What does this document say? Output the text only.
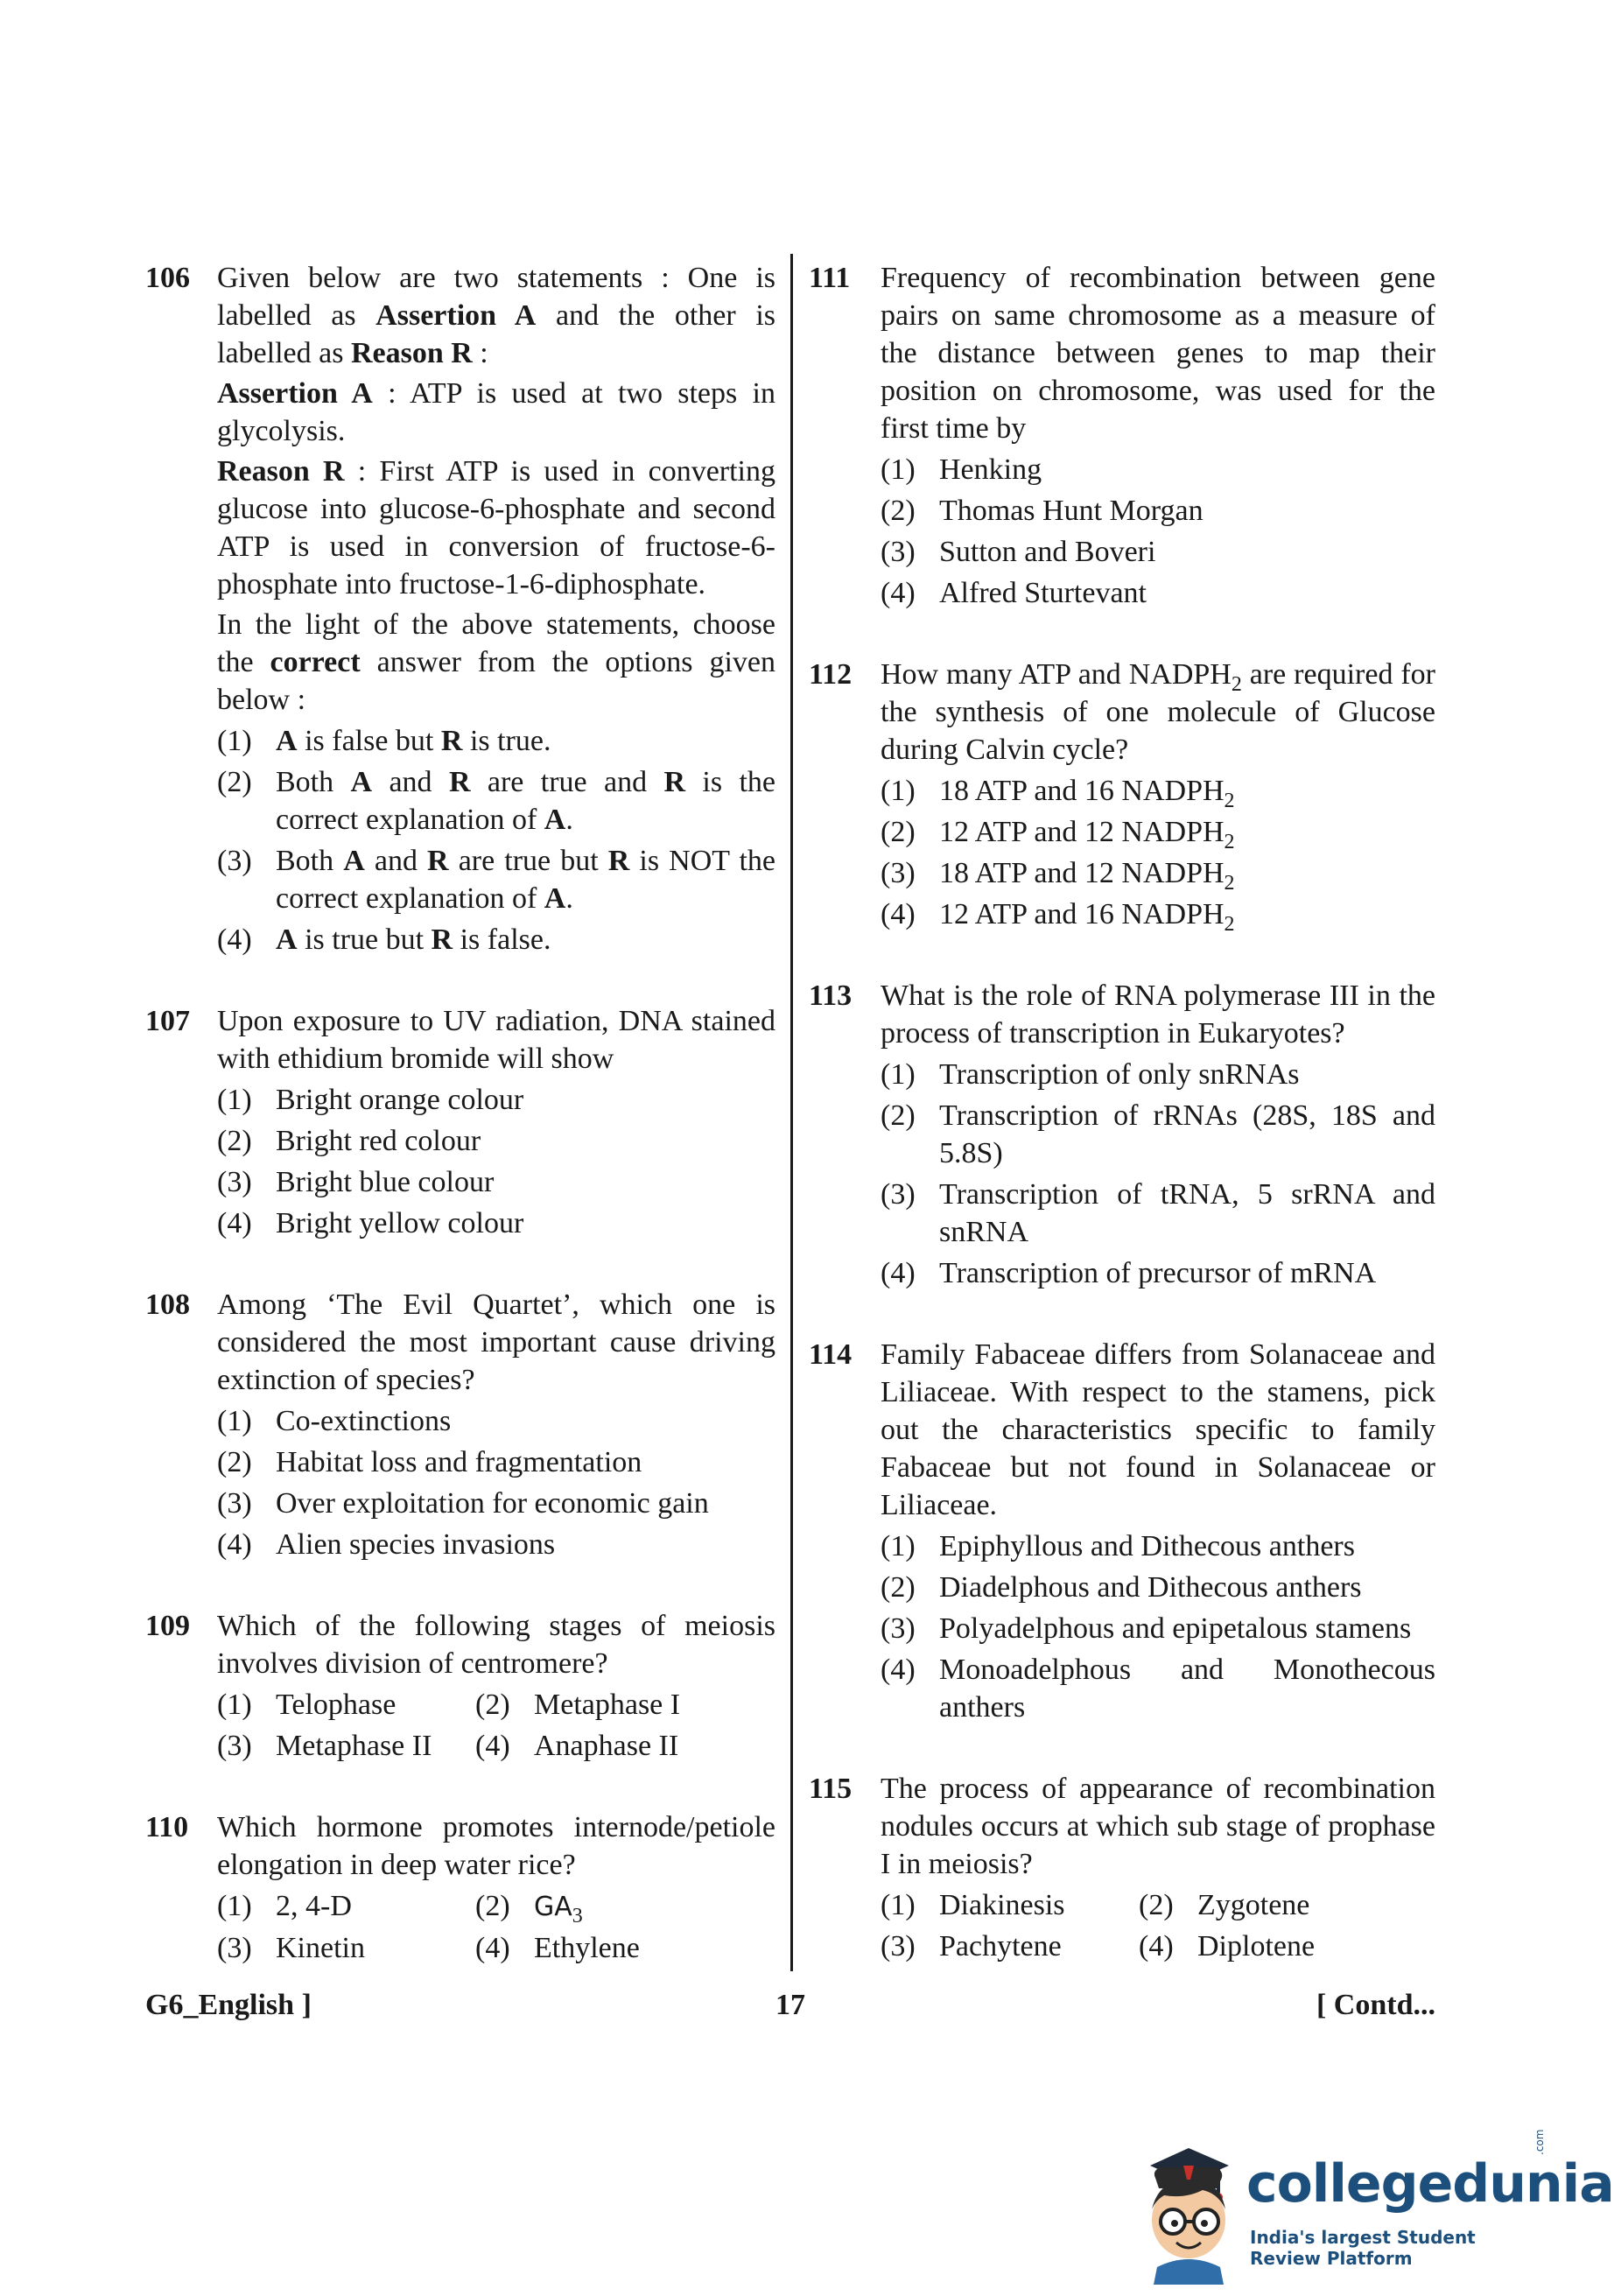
106 Given below are two statements : One is labelled as Assertion A and the other is labelled as Reason R :
Assertion A : ATP is used at two steps in glycolysis.
Reason R : First ATP is used in converting glucose into glucose-6-phosphate and second ATP is used in conversion of fructose-6-phosphate into fructose-1-6-diphosphate.
In the light of the above statements, choose the correct answer from the options given below :
(1) A is false but R is true.
(2) Both A and R are true and R is the correct explanation of A.
(3) Both A and R are true but R is NOT the correct explanation of A.
(4) A is true but R is false.
107 Upon exposure to UV radiation, DNA stained with ethidium bromide will show
(1) Bright orange colour
(2) Bright red colour
(3) Bright blue colour
(4) Bright yellow colour
108 Among ‘The Evil Quartet’, which one is considered the most important cause driving extinction of species?
(1) Co-extinctions
(2) Habitat loss and fragmentation
(3) Over exploitation for economic gain
(4) Alien species invasions
109 Which of the following stages of meiosis involves division of centromere?
(1) Telophase	(2) Metaphase I
(3) Metaphase II	(4) Anaphase II
110 Which hormone promotes internode/petiole elongation in deep water rice?
(1) 2, 4-D	(2) $GA_3$
(3) Kinetin	(4) Ethylene
111	Frequency of recombination between gene pairs on same chromosome as a measure of the distance between genes to map their position on chromosome, was used for the first time by
(1) Henking
(2) Thomas Hunt Morgan
(3) Sutton and Boveri
(4) Alfred Sturtevant
112 How many ATP and $NADPH_2$ are required for the synthesis of one molecule of Glucose during Calvin cycle?
(1) 18 ATP and 16 $NADPH_2$
(2) 12 ATP and 12 $NADPH_2$
(3) 18 ATP and 12 $NADPH_2$
(4) 12 ATP and 16 $NADPH_2$
113 What is the role of RNA polymerase III in the process of transcription in Eukaryotes?
(1) Transcription of only snRNAs
(2) Transcription of rRNAs (28S, 18S and 5.8S)
(3) Transcription of tRNA, 5 srRNA and snRNA
(4) Transcription of precursor of mRNA
114 Family Fabaceae differs from Solanaceae and Liliaceae. With respect to the stamens, pick out the characteristics specific to family Fabaceae but not found in Solanaceae or Liliaceae.
(1) Epiphyllous and Dithecous anthers
(2) Diadelphous and Dithecous anthers
(3) Polyadelphous and epipetalous stamens
(4) Monoadelphous and Monothecous anthers
115 The process of appearance of recombination nodules occurs at which sub stage of prophase I in meiosis?
(1) Diakinesis	(2) Zygotene
(3) Pachytene	(4) Diplotene
G6_English ]	17	[ Contd...
collegedunia
.com
India's largest Student Review Platform
